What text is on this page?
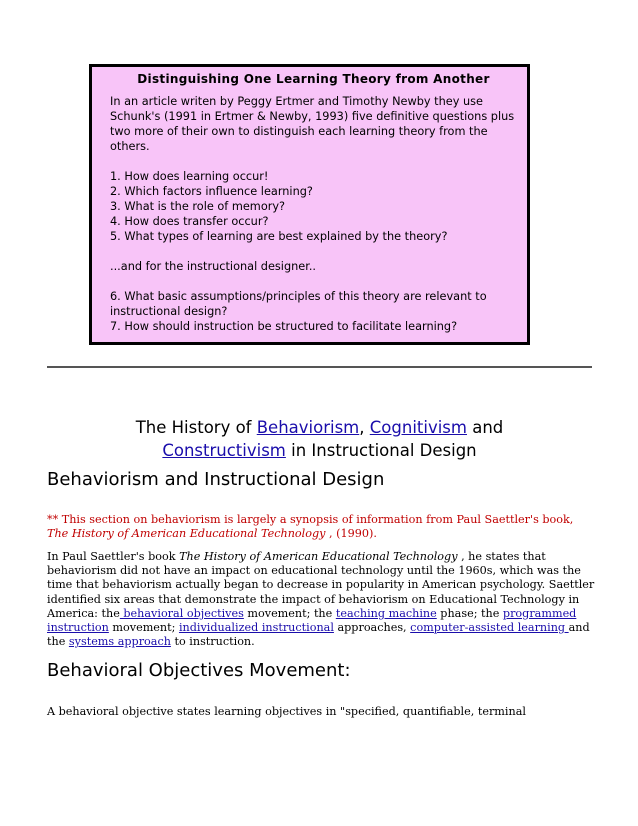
Distinguishing One Learning Theory from Another

In an article writen by Peggy Ertmer and Timothy Newby they use

Schunk's (1991 in Ertmer & Newby, 1993) five definitive questions plus

two more of their own to distinguish each learning theory from the others.

1. How does learning occur!

2. Which factors influence learning?

3. What is the role of memory?

4. How does transfer occur?

5. What types of learning are best explained by the theory?

...and for the instructional designer..

6. What basic assumptions/principles of this theory are relevant to

instructional design?

7. How should instruction be structured to facilitate learning?

The History of Behaviorism, Cognitivism and
Constructivism in Instructional Design
Behaviorism and Instructional Design
** This section on behaviorism is largely a synopsis of information from Paul Saettler's book, The History of American Educational Technology , (1990).
In Paul Saettler's book The History of American Educational Technology , he states that behaviorism did not have an impact on educational technology until the 1960s, which was the time that behaviorism actually began to decrease in popularity in American psychology. Saettler identified six areas that demonstrate the impact of behaviorism on Educational Technology in America: the behavioral objectives movement; the teaching machine phase; the programmed instruction movement; individualized instructional approaches, computer-assisted learning and the systems approach to instruction.
Behavioral Objectives Movement:
A behavioral objective states learning objectives in "specified, quantifiable, terminal
